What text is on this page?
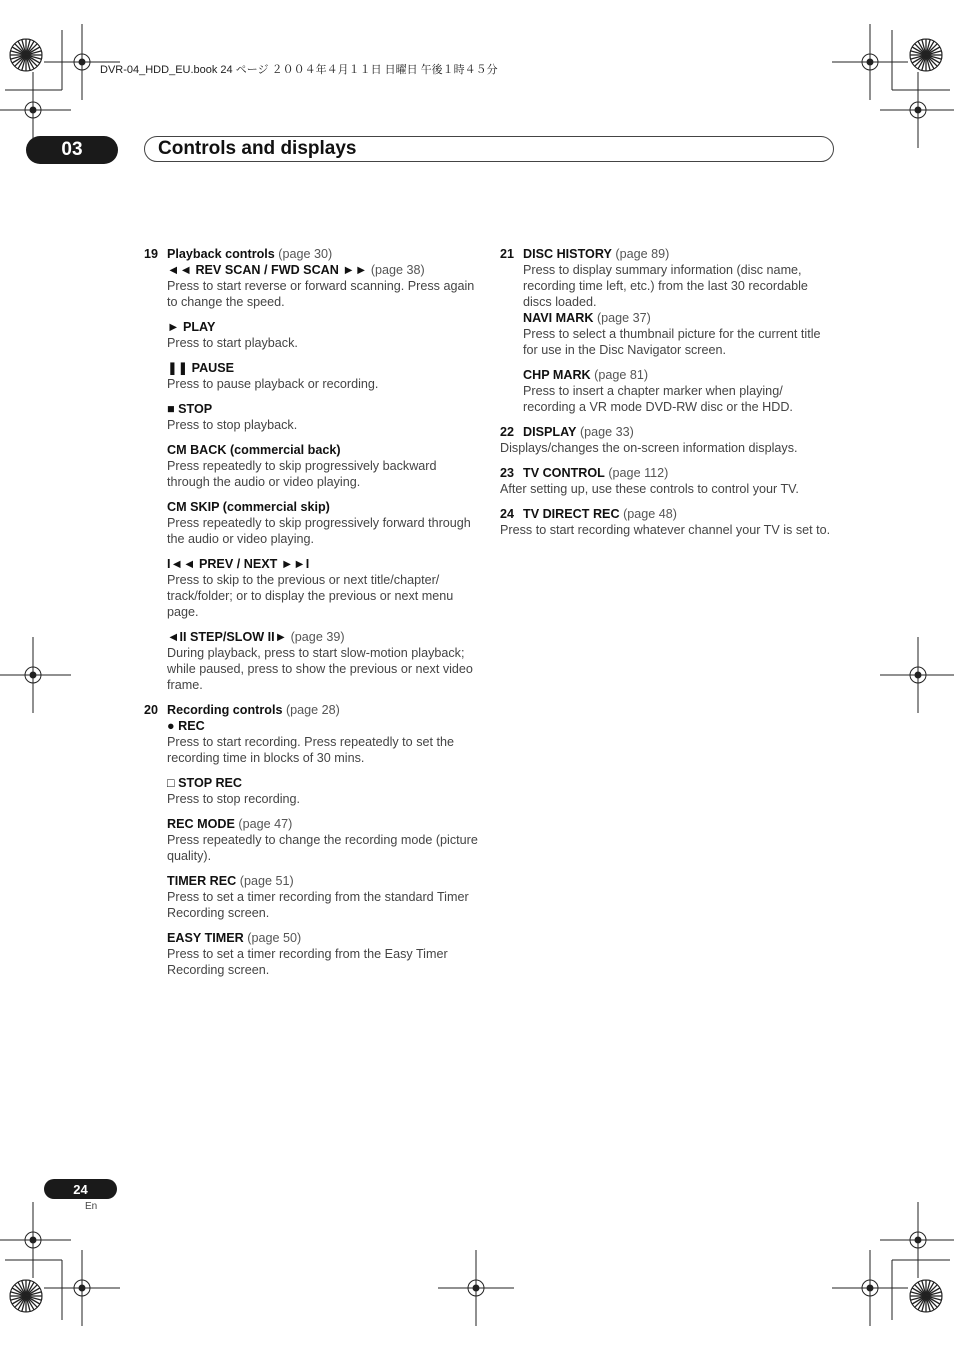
DVR-04_HDD_EU.book 24 ページ ２００４年４月１１日 日曜日 午後１時４５分
03	Controls and displays
19 Playback controls (page 30)
◄◄ REV SCAN / FWD SCAN ►► (page 38)
Press to start reverse or forward scanning. Press again to change the speed.
► PLAY
Press to start playback.
❚❚ PAUSE
Press to pause playback or recording.
■ STOP
Press to stop playback.
CM BACK (commercial back)
Press repeatedly to skip progressively backward through the audio or video playing.
CM SKIP (commercial skip)
Press repeatedly to skip progressively forward through the audio or video playing.
I◄◄ PREV / NEXT ►►I
Press to skip to the previous or next title/chapter/ track/folder; or to display the previous or next menu page.
◄II STEP/SLOW II► (page 39)
During playback, press to start slow-motion playback; while paused, press to show the previous or next video frame.
20 Recording controls (page 28)
● REC
Press to start recording. Press repeatedly to set the recording time in blocks of 30 mins.
□ STOP REC
Press to stop recording.
REC MODE (page 47)
Press repeatedly to change the recording mode (picture quality).
TIMER REC (page 51)
Press to set a timer recording from the standard Timer Recording screen.
EASY TIMER (page 50)
Press to set a timer recording from the Easy Timer Recording screen.
21 DISC HISTORY (page 89)
Press to display summary information (disc name, recording time left, etc.) from the last 30 recordable discs loaded.
NAVI MARK (page 37)
Press to select a thumbnail picture for the current title for use in the Disc Navigator screen.
CHP MARK (page 81)
Press to insert a chapter marker when playing/ recording a VR mode DVD-RW disc or the HDD.
22 DISPLAY (page 33)
Displays/changes the on-screen information displays.
23 TV CONTROL (page 112)
After setting up, use these controls to control your TV.
24 TV DIRECT REC (page 48)
Press to start recording whatever channel your TV is set to.
24
En
